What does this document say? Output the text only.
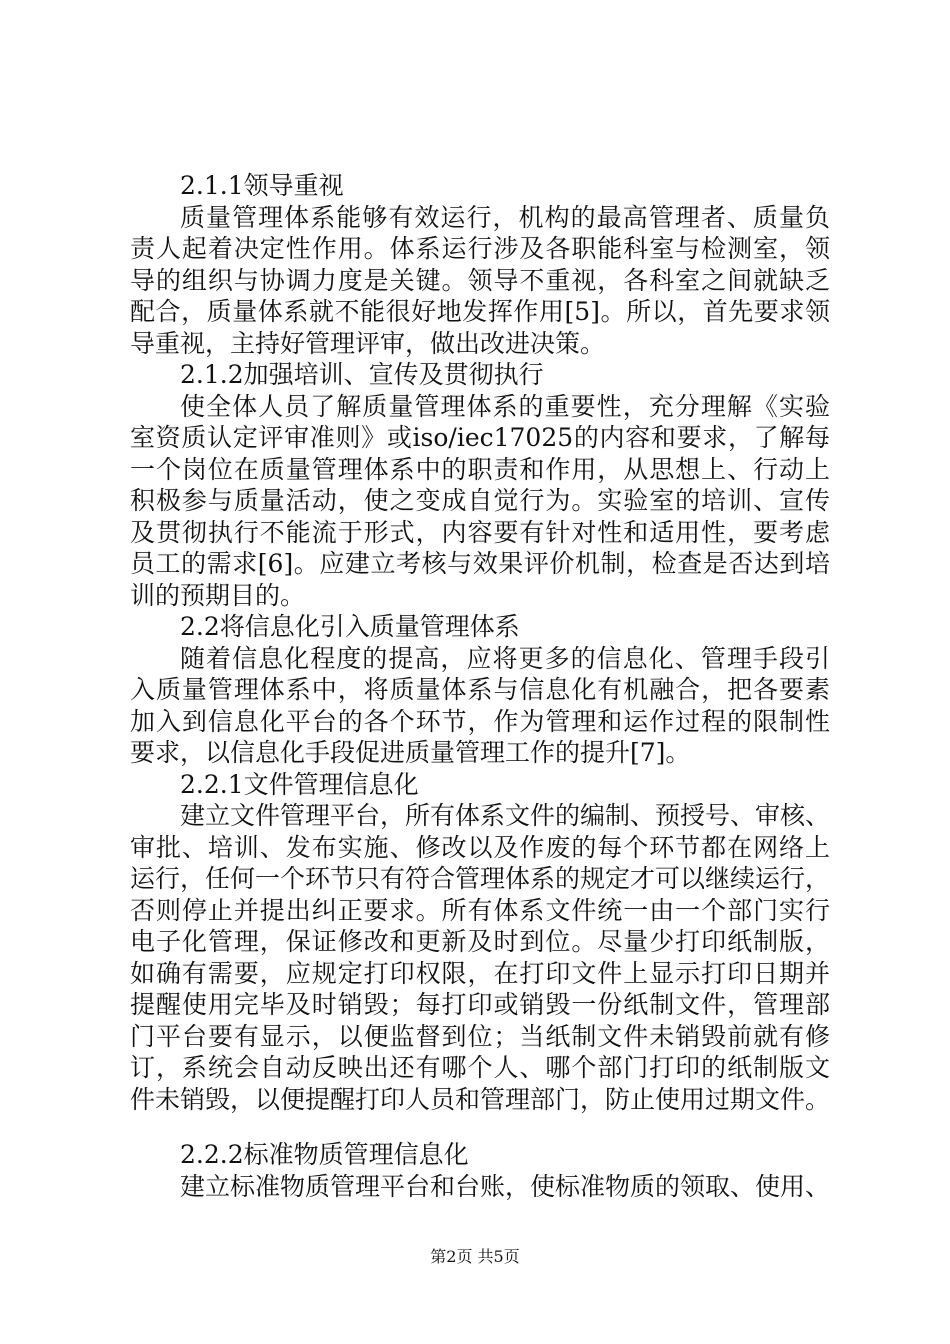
2.1.1领导重视
质量管理体系能够有效运行，机构的最高管理者、质量负
责人起着决定性作用。体系运行涉及各职能科室与检测室，领
导的组织与协调力度是关键。领导不重视，各科室之间就缺乏
配合，质量体系就不能很好地发挥作用[5]。所以，首先要求领
导重视，主持好管理评审，做出改进决策。
2.1.2加强培训、宣传及贯彻执行
使全体人员了解质量管理体系的重要性，充分理解《实验
室资质认定评审准则》或iso/iec17025的内容和要求，了解每
一个岗位在质量管理体系中的职责和作用，从思想上、行动上
积极参与质量活动，使之变成自觉行为。实验室的培训、宣传
及贯彻执行不能流于形式，内容要有针对性和适用性，要考虑
员工的需求[6]。应建立考核与效果评价机制，检查是否达到培
训的预期目的。
2.2将信息化引入质量管理体系
随着信息化程度的提高，应将更多的信息化、管理手段引
入质量管理体系中，将质量体系与信息化有机融合，把各要素
加入到信息化平台的各个环节，作为管理和运作过程的限制性
要求，以信息化手段促进质量管理工作的提升[7]。
2.2.1文件管理信息化
建立文件管理平台，所有体系文件的编制、预授号、审核、
审批、培训、发布实施、修改以及作废的每个环节都在网络上
运行，任何一个环节只有符合管理体系的规定才可以继续运行，
否则停止并提出纠正要求。所有体系文件统一由一个部门实行
电子化管理，保证修改和更新及时到位。尽量少打印纸制版，
如确有需要，应规定打印权限，在打印文件上显示打印日期并
提醒使用完毕及时销毁；每打印或销毁一份纸制文件，管理部
门平台要有显示，以便监督到位；当纸制文件未销毁前就有修
订，系统会自动反映出还有哪个人、哪个部门打印的纸制版文
件未销毁，以便提醒打印人员和管理部门，防止使用过期文件。
2.2.2标准物质管理信息化
建立标准物质管理平台和台账，使标准物质的领取、使用、
第2页 共5页
